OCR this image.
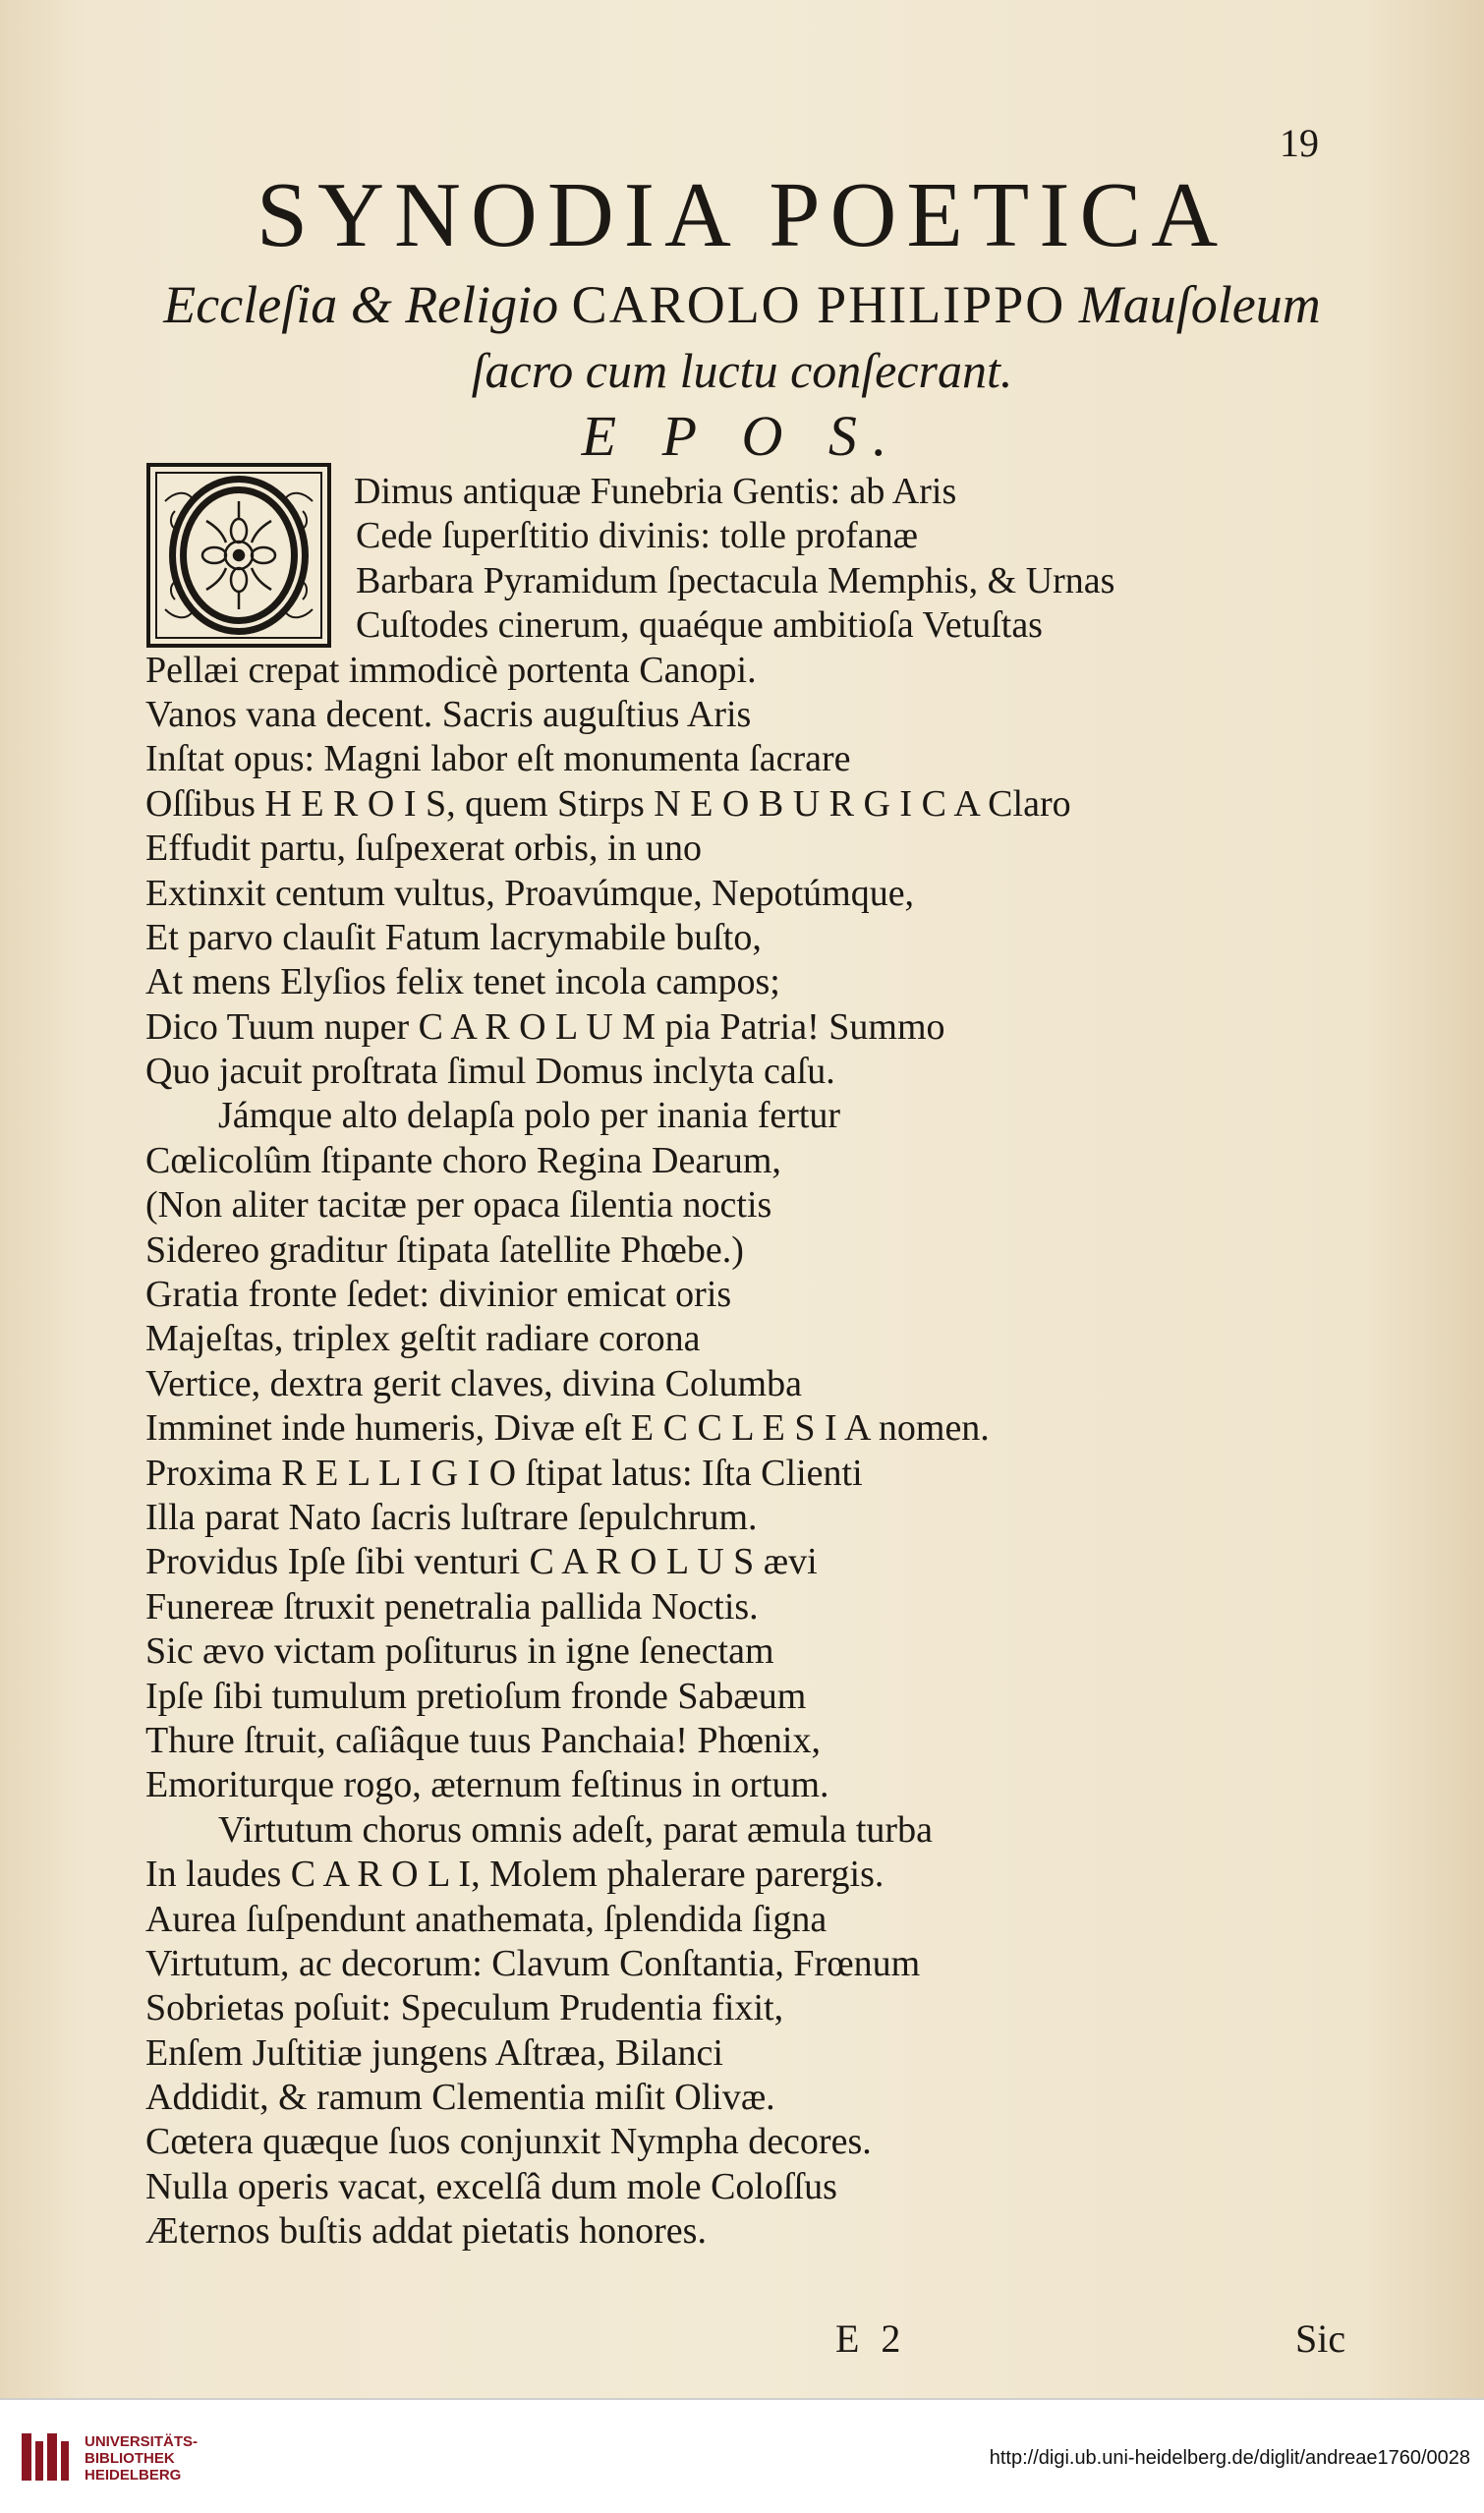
19
SYNODIA POETICA
Eccleſia & Religio CAROLO PHILIPPO Mauſoleum
ſacro cum luctu conſecrant.
E P O S.
Dimus antiquæ Funebria Gentis: ab Aris
Cede ſuperſtitio divinis: tolle profanæ
Barbara Pyramidum ſpectacula Memphis, & Urnas
Cuſtodes cinerum, quaéque ambitioſa Vetuſtas
Pellæi crepat immodicè portenta Canopi.
Vanos vana decent. Sacris auguſtius Aris
Inſtat opus: Magni labor eſt monumenta ſacrare
Oſſibus H E R O I S, quem Stirps N E O B U R G I C A Claro
Effudit partu, ſuſpexerat orbis, in uno
Extinxit centum vultus, Proavúmque, Nepotúmque,
Et parvo clauſit Fatum lacrymabile buſto,
At mens Elyſios felix tenet incola campos;
Dico Tuum nuper C A R O L U M pia Patria! Summo
Quo jacuit proſtrata ſimul Domus inclyta caſu.
Jámque alto delapſa polo per inania fertur
Cœlicolûm ſtipante choro Regina Dearum,
(Non aliter tacitæ per opaca ſilentia noctis
Sidereo graditur ſtipata ſatellite Phœbe.)
Gratia fronte ſedet: divinior emicat oris
Majeſtas, triplex geſtit radiare corona
Vertice, dextra gerit claves, divina Columba
Imminet inde humeris, Divæ eſt E C C L E S I A nomen.
Proxima R E L L I G I O ſtipat latus: Iſta Clienti
Illa parat Nato ſacris luſtrare ſepulchrum.
Providus Ipſe ſibi venturi C A R O L U S ævi
Funereæ ſtruxit penetralia pallida Noctis.
Sic ævo victam poſiturus in igne ſenectam
Ipſe ſibi tumulum pretioſum fronde Sabæum
Thure ſtruit, caſiâque tuus Panchaia! Phœnix,
Emoriturque rogo, æternum feſtinus in ortum.
Virtutum chorus omnis adeſt, parat æmula turba
In laudes C A R O L I, Molem phalerare parergis.
Aurea ſuſpendunt anathemata, ſplendida ſigna
Virtutum, ac decorum: Clavum Conſtantia, Frœnum
Sobrietas poſuit: Speculum Prudentia fixit,
Enſem Juſtitiæ jungens Aſtræa, Bilanci
Addidit, & ramum Clementia miſit Olivæ.
Cœtera quæque ſuos conjunxit Nympha decores.
Nulla operis vacat, excelſâ dum mole Coloſſus
Æternos buſtis addat pietatis honores.
E 2	Sic
UNIVERSITÄTS-
BIBLIOTHEK
HEIDELBERG
http://digi.ub.uni-heidelberg.de/diglit/andreae1760/0028
